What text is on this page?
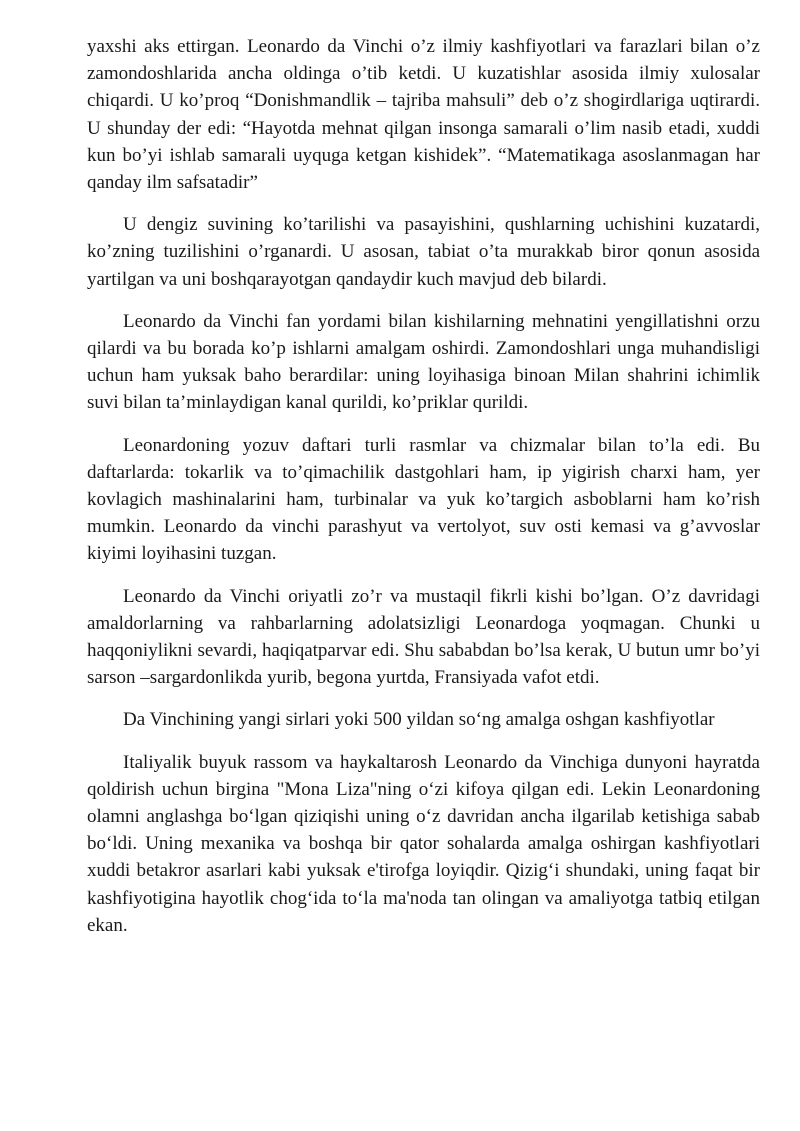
yaxshi aks ettirgan. Leonardo da Vinchi o’z ilmiy kashfiyotlari va farazlari bilan o’z zamondoshlarida ancha oldinga o’tib ketdi. U kuzatishlar asosida ilmiy xulosalar chiqardi. U ko’proq “Donishmandlik – tajriba mahsuli” deb o’z shogirdlariga uqtirardi. U shunday der edi: “Hayotda mehnat qilgan insonga samarali o’lim nasib etadi, xuddi kun bo’yi ishlab samarali uyquga ketgan kishidek”. “Matematikaga asoslanmagan har qanday ilm safsatadir”

U dengiz suvining ko’tarilishi va pasayishini, qushlarning uchishini kuzatardi, ko’zning tuzilishini o’rganardi. U asosan, tabiat o’ta murakkab biror qonun asosida yartilgan va uni boshqarayotgan qandaydir kuch mavjud deb bilardi.

Leonardo da Vinchi fan yordami bilan kishilarning mehnatini yengillatishni orzu qilardi va bu borada ko’p ishlarni amalgam oshirdi. Zamondoshlari unga muhandisligi uchun ham yuksak baho berardilar: uning loyihasiga binoan Milan shahrini ichimlik suvi bilan ta’minlaydigan kanal qurildi, ko’priklar qurildi.

Leonardoning yozuv daftari turli rasmlar va chizmalar bilan to’la edi. Bu daftarlarda: tokarlik va to’qimachilik dastgohlari ham, ip yigirish charxi ham, yer kovlagich mashinalarini ham, turbinalar va yuk ko’targich asboblarni ham ko’rish mumkin. Leonardo da vinchi parashyut va vertolyot, suv osti kemasi va g’avvoslar kiyimi loyihasini tuzgan.

Leonardo da Vinchi oriyatli zo’r va mustaqil fikrli kishi bo’lgan. O’z davridagi amaldorlarning va rahbarlarning adolatsizligi Leonardoga yoqmagan. Chunki u haqqoniylikni sevardi, haqiqatparvar edi. Shu sababdan bo’lsa kerak, U butun umr bo’yi sarson –sargardonlikda yurib, begona yurtda, Fransiyada vafot etdi.

Da Vinchining yangi sirlari yoki 500 yildan so‘ng amalga oshgan kashfiyotlar

Italiyalik buyuk rassom va haykaltarosh Leonardo da Vinchiga dunyoni hayratda qoldirish uchun birgina "Mona Liza"ning o‘zi kifoya qilgan edi. Lekin Leonardoning olamni anglashga bo‘lgan qiziqishi uning o‘z davridan ancha ilgarilab ketishiga sabab bo‘ldi. Uning mexanika va boshqa bir qator sohalarda amalga oshirgan kashfiyotlari xuddi betakror asarlari kabi yuksak e'tirofga loyiqdir. Qizig‘i shundaki, uning faqat bir kashfiyotigina hayotlik chog‘ida to‘la ma'noda tan olingan va amaliyotga tatbiq etilgan ekan.
